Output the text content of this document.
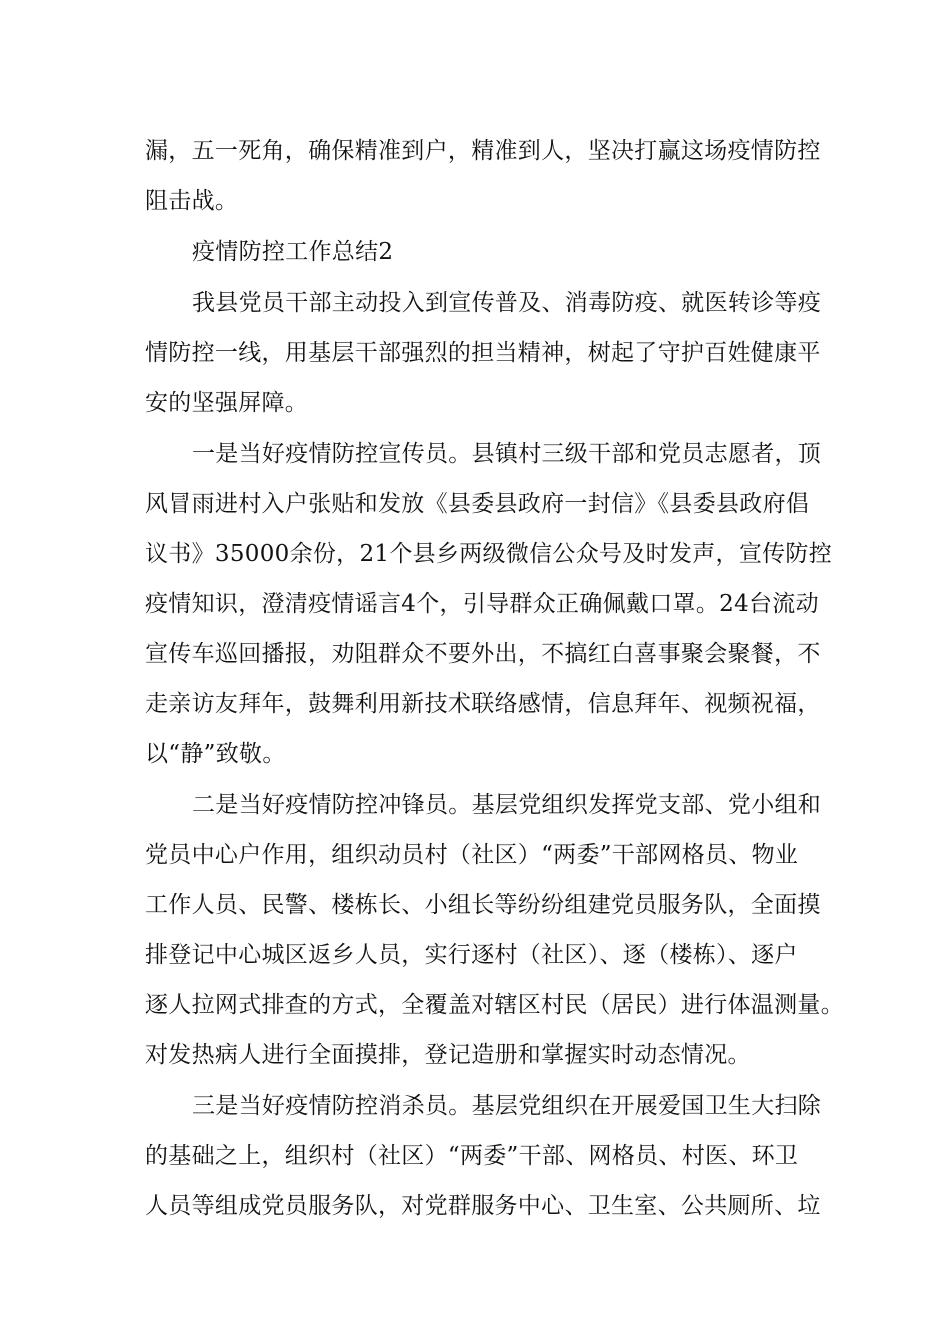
漏，五一死角，确保精准到户，精准到人，坚决打赢这场疫情防控
阻击战。
疫情防控工作总结2
我县党员干部主动投入到宣传普及、消毒防疫、就医转诊等疫
情防控一线，用基层干部强烈的担当精神，树起了守护百姓健康平
安的坚强屏障。
一是当好疫情防控宣传员。县镇村三级干部和党员志愿者，顶
风冒雨进村入户张贴和发放《县委县政府一封信》《县委县政府倡
议书》35000余份，21个县乡两级微信公众号及时发声，宣传防控
疫情知识，澄清疫情谣言4个，引导群众正确佩戴口罩。24台流动
宣传车巡回播报，劝阻群众不要外出，不搞红白喜事聚会聚餐，不
走亲访友拜年，鼓舞利用新技术联络感情，信息拜年、视频祝福，
以“静”致敬。
二是当好疫情防控冲锋员。基层党组织发挥党支部、党小组和
党员中心户作用，组织动员村（社区）“两委”干部网格员、物业
工作人员、民警、楼栋长、小组长等纷纷组建党员服务队，全面摸
排登记中心城区返乡人员，实行逐村（社区）、逐（楼栋）、逐户
逐人拉网式排查的方式，全覆盖对辖区村民（居民）进行体温测量。
对发热病人进行全面摸排，登记造册和掌握实时动态情况。
三是当好疫情防控消杀员。基层党组织在开展爱国卫生大扫除
的基础之上，组织村（社区）“两委”干部、网格员、村医、环卫
人员等组成党员服务队，对党群服务中心、卫生室、公共厕所、垃
